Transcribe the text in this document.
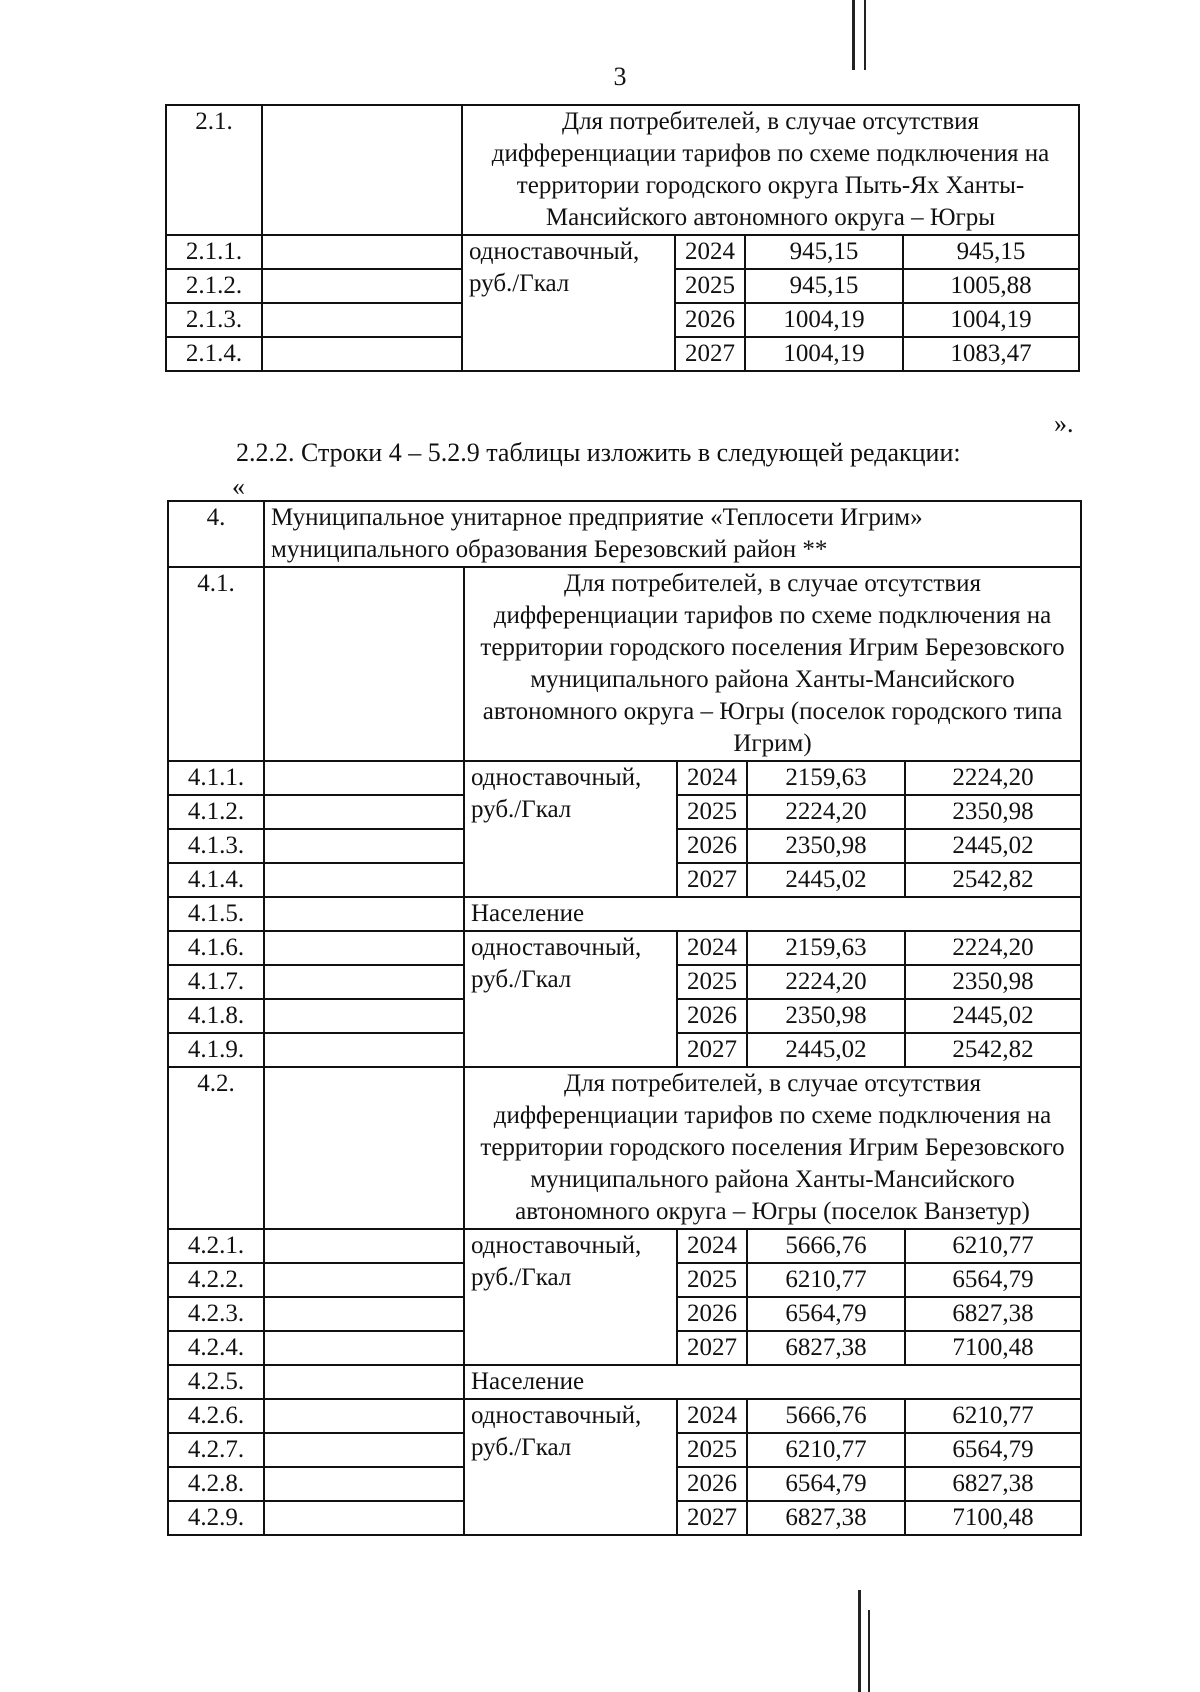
3
2.1.		Для потребителей, в случае отсутствия дифференциации тарифов по схеме подключения на территории городского округа Пыть-Ях Ханты-Мансийского автономного округа – Югры			
2.1.1.		одноставочный, руб./Гкал	2024	945,15	945,15
2.1.2.			2025	945,15	1005,88
2.1.3.			2026	1004,19	1004,19
2.1.4.			2027	1004,19	1083,47
».
2.2.2. Строки 4 – 5.2.9 таблицы изложить в следующей редакции:
«
4.	Муниципальное унитарное предприятие «Теплосети Игрим» муниципального образования Березовский район **				
4.1.		Для потребителей, в случае отсутствия дифференциации тарифов по схеме подключения на территории городского поселения Игрим Березовского муниципального района Ханты-Мансийского автономного округа – Югры (поселок городского типа Игрим)			
4.1.1.		одноставочный, руб./Гкал	2024	2159,63	2224,20
4.1.2.			2025	2224,20	2350,98
4.1.3.			2026	2350,98	2445,02
4.1.4.			2027	2445,02	2542,82
4.1.5.		Население			
4.1.6.		одноставочный, руб./Гкал	2024	2159,63	2224,20
4.1.7.			2025	2224,20	2350,98
4.1.8.			2026	2350,98	2445,02
4.1.9.			2027	2445,02	2542,82
4.2.		Для потребителей, в случае отсутствия дифференциации тарифов по схеме подключения на территории городского поселения Игрим Березовского муниципального района Ханты-Мансийского автономного округа – Югры (поселок Ванзетур)			
4.2.1.		одноставочный, руб./Гкал	2024	5666,76	6210,77
4.2.2.			2025	6210,77	6564,79
4.2.3.			2026	6564,79	6827,38
4.2.4.			2027	6827,38	7100,48
4.2.5.		Население			
4.2.6.		одноставочный, руб./Гкал	2024	5666,76	6210,77
4.2.7.			2025	6210,77	6564,79
4.2.8.			2026	6564,79	6827,38
4.2.9.			2027	6827,38	7100,48
